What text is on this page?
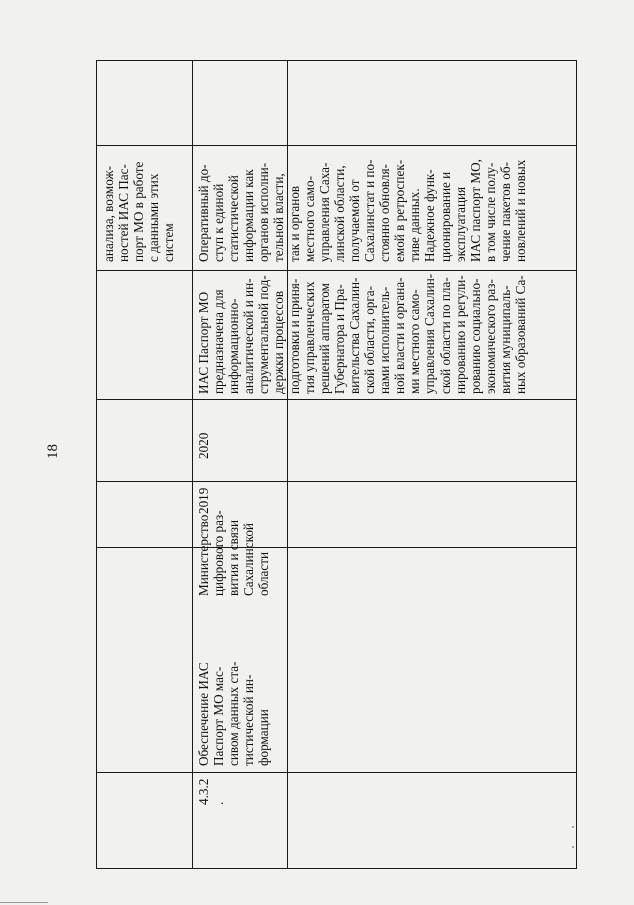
18
4.3.2
.
Обеспечение ИАС
Паспорт МО мас-
сивом данных ста-
тистической ин-
формации
Министерство
цифрового раз-
вития и связи
Сахалинской
области
2019
2020
ИАС Паспорт МО
предназначена для
информационно-
аналитической и ин-
струментальной под-
держки процессов
подготовки и приня-
тия управленческих
решений аппаратом
Губернатора и Пра-
вительства Сахалин-
ской области, орга-
нами исполнитель-
ной власти и органа-
ми местного само-
управления Сахалин-
ской области по пла-
нированию и регули-
рованию социально-
экономического раз-
вития муниципаль-
ных образований Са-
Оперативный до-
ступ к единой
статистической
информации как
органов исполни-
тельной власти,
так и органов
местного само-
управления Саха-
линской области,
получаемой от
Сахалинстат и по-
стоянно обновля-
емой в ретроспек-
тиве данных.
Надежное функ-
ционирование и
эксплуатация
ИАС паспорт МО,
в том числе полу-
чение пакетов об-
новлений и новых
анализа, возмож-
ностей ИАС Пас-
порт МО в работе
с данными этих
систем
